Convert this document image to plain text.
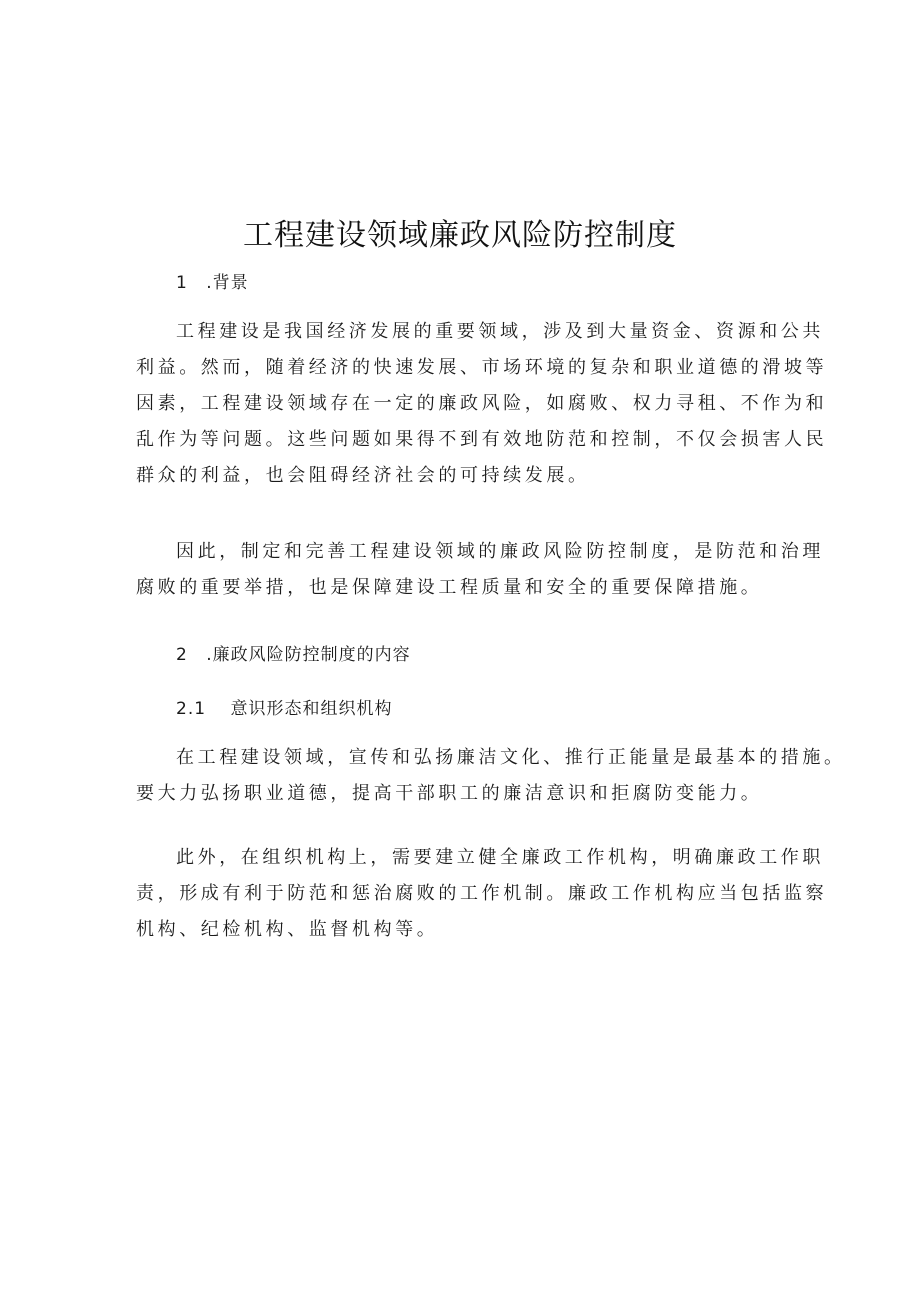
工程建设领域廉政风险防控制度
1 .背景
工程建设是我国经济发展的重要领域，涉及到大量资金、资源和公共
利益。然而，随着经济的快速发展、市场环境的复杂和职业道德的滑坡等
因素，工程建设领域存在一定的廉政风险，如腐败、权力寻租、不作为和
乱作为等问题。这些问题如果得不到有效地防范和控制，不仅会损害人民
群众的利益，也会阻碍经济社会的可持续发展。
因此，制定和完善工程建设领域的廉政风险防控制度，是防范和治理
腐败的重要举措，也是保障建设工程质量和安全的重要保障措施。
2 .廉政风险防控制度的内容
2.1 意识形态和组织机构
在工程建设领域，宣传和弘扬廉洁文化、推行正能量是最基本的措施。
要大力弘扬职业道德，提高干部职工的廉洁意识和拒腐防变能力。
此外，在组织机构上，需要建立健全廉政工作机构，明确廉政工作职
责，形成有利于防范和惩治腐败的工作机制。廉政工作机构应当包括监察
机构、纪检机构、监督机构等。
